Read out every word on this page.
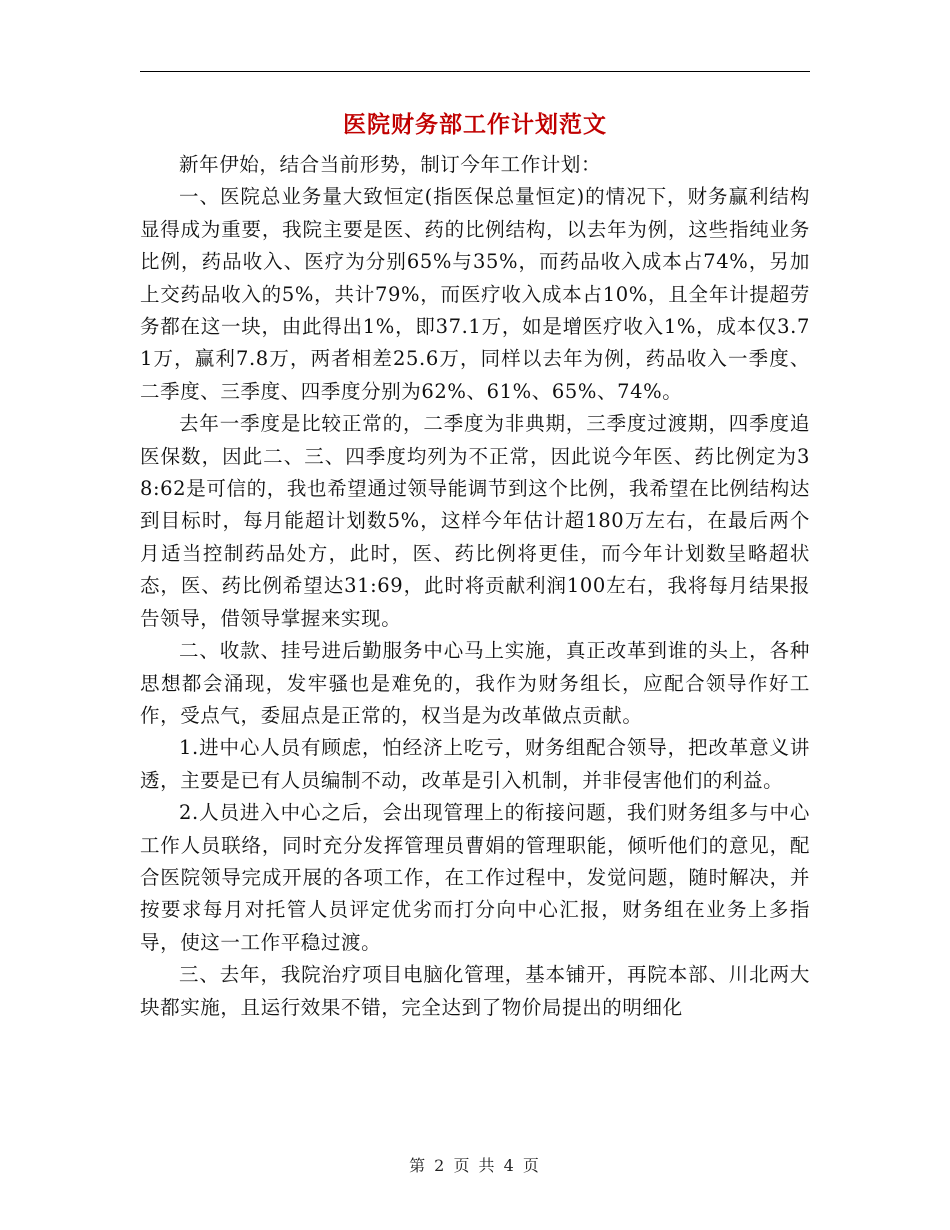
医院财务部工作计划范文

新年伊始，结合当前形势，制订今年工作计划：

一、医院总业务量大致恒定(指医保总量恒定)的情况下，财务赢利结构显得成为重要，我院主要是医、药的比例结构，以去年为例，这些指纯业务比例，药品收入、医疗为分别65%与35%，而药品收入成本占74%，另加上交药品收入的5%，共计79%，而医疗收入成本占10%，且全年计提超劳务都在这一块，由此得出1%，即37.1万，如是增医疗收入1%，成本仅3.71万，赢利7.8万，两者相差25.6万，同样以去年为例，药品收入一季度、二季度、三季度、四季度分别为62%、61%、65%、74%。

去年一季度是比较正常的，二季度为非典期，三季度过渡期，四季度追医保数，因此二、三、四季度均列为不正常，因此说今年医、药比例定为38:62是可信的，我也希望通过领导能调节到这个比例，我希望在比例结构达到目标时，每月能超计划数5%，这样今年估计超180万左右，在最后两个月适当控制药品处方，此时，医、药比例将更佳，而今年计划数呈略超状态，医、药比例希望达31:69，此时将贡献利润100左右，我将每月结果报告领导，借领导掌握来实现。

二、收款、挂号进后勤服务中心马上实施，真正改革到谁的头上，各种思想都会涌现，发牢骚也是难免的，我作为财务组长，应配合领导作好工作，受点气，委屈点是正常的，权当是为改革做点贡献。

1.进中心人员有顾虑，怕经济上吃亏，财务组配合领导，把改革意义讲透，主要是已有人员编制不动，改革是引入机制，并非侵害他们的利益。

2.人员进入中心之后，会出现管理上的衔接问题，我们财务组多与中心工作人员联络，同时充分发挥管理员曹娟的管理职能，倾听他们的意见，配合医院领导完成开展的各项工作，在工作过程中，发觉问题，随时解决，并按要求每月对托管人员评定优劣而打分向中心汇报，财务组在业务上多指导，使这一工作平稳过渡。

三、去年，我院治疗项目电脑化管理，基本铺开，再院本部、川北两大块都实施，且运行效果不错，完全达到了物价局提出的明细化

第 2 页 共 4 页
